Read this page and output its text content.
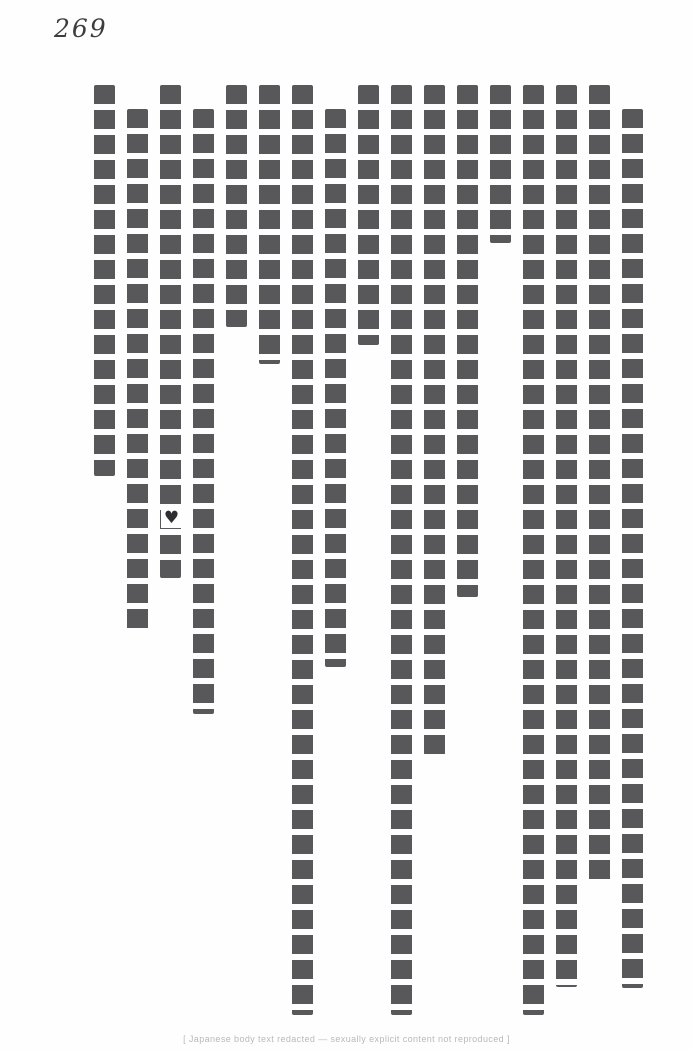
269
♥
[ Japanese body text redacted — sexually explicit content not reproduced ]
